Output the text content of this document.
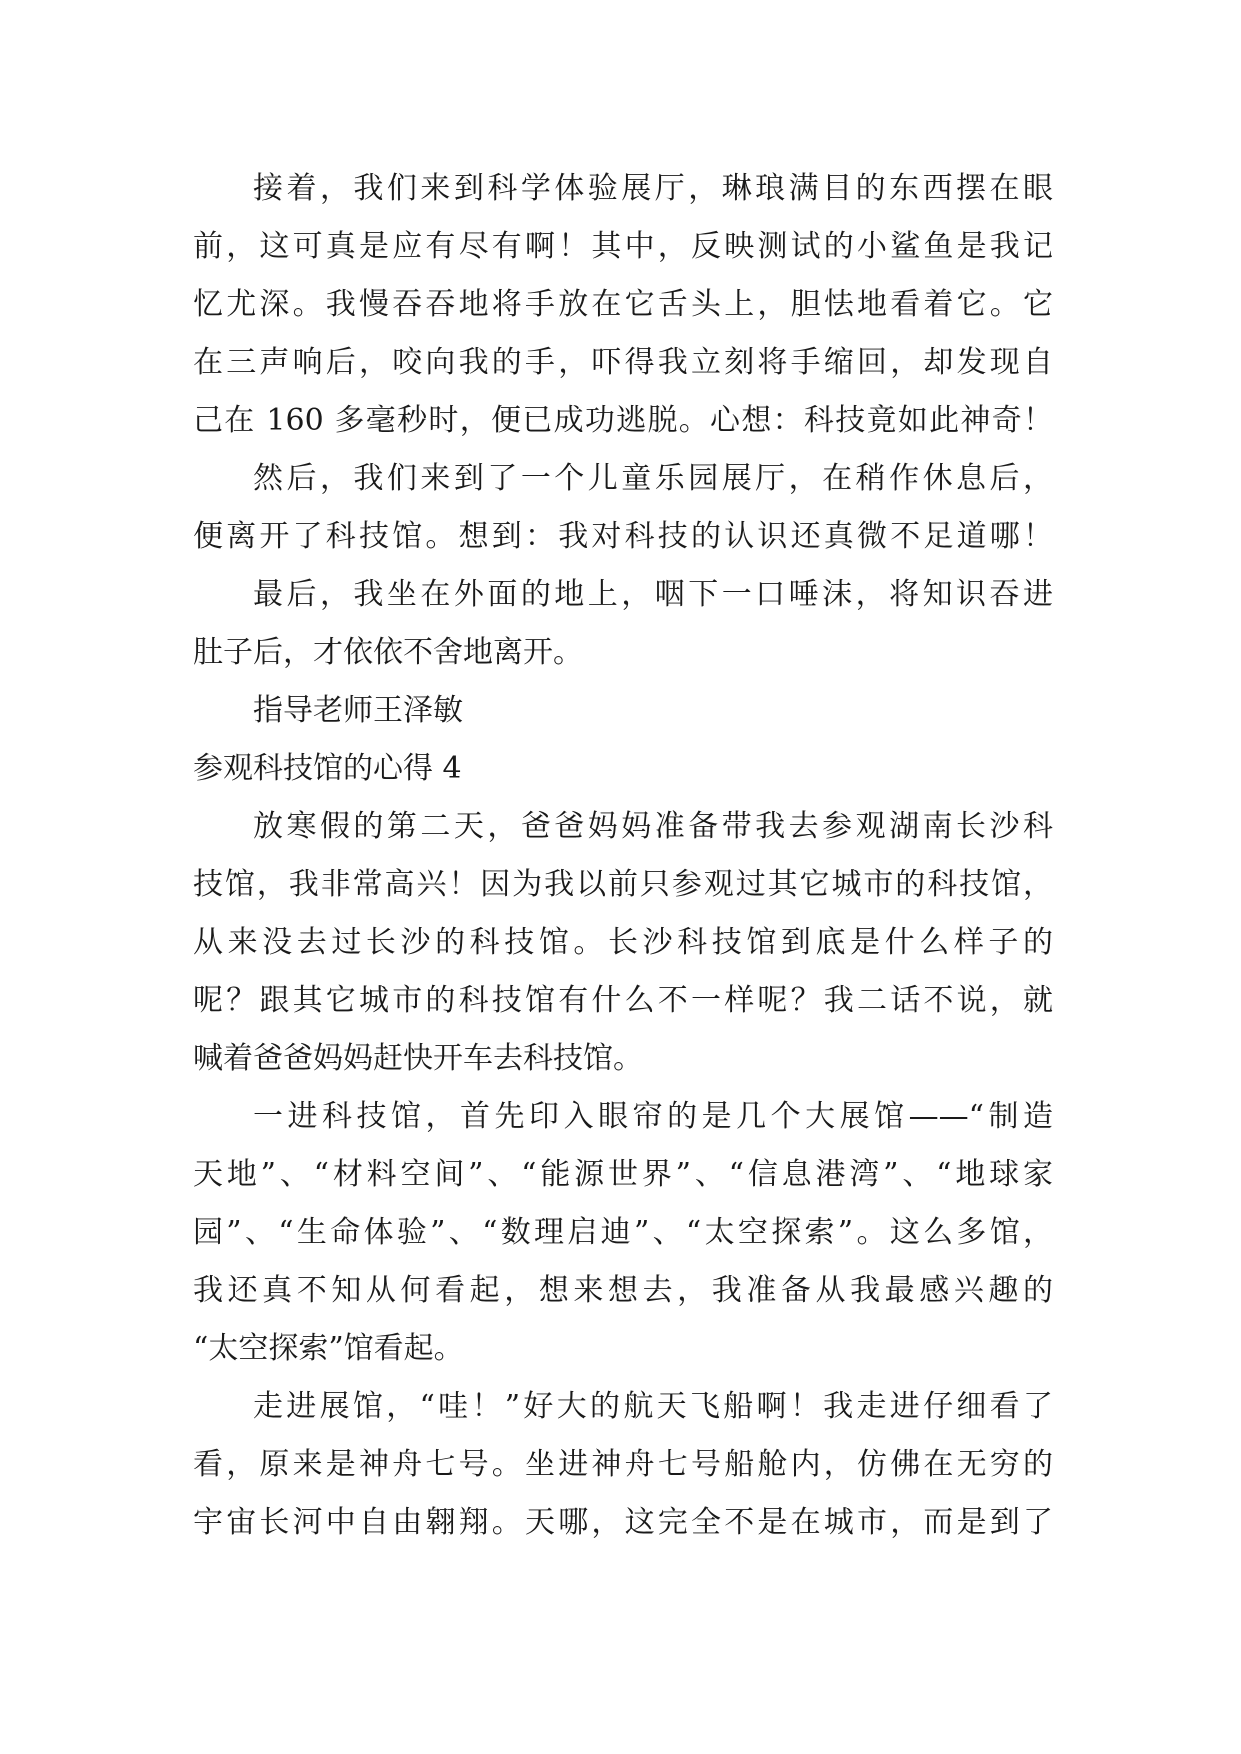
接着，我们来到科学体验展厅，琳琅满目的东西摆在眼
前，这可真是应有尽有啊！其中，反映测试的小鲨鱼是我记
忆尤深。我慢吞吞地将手放在它舌头上，胆怯地看着它。它
在三声响后，咬向我的手，吓得我立刻将手缩回，却发现自
己在 160 多毫秒时，便已成功逃脱。心想：科技竟如此神奇！
然后，我们来到了一个儿童乐园展厅，在稍作休息后，
便离开了科技馆。想到：我对科技的认识还真微不足道哪！
最后，我坐在外面的地上，咽下一口唾沫，将知识吞进
肚子后，才依依不舍地离开。
指导老师王泽敏
参观科技馆的心得 4
放寒假的第二天，爸爸妈妈准备带我去参观湖南长沙科
技馆，我非常高兴！因为我以前只参观过其它城市的科技馆，
从来没去过长沙的科技馆。长沙科技馆到底是什么样子的
呢？跟其它城市的科技馆有什么不一样呢？我二话不说，就
喊着爸爸妈妈赶快开车去科技馆。
一进科技馆，首先印入眼帘的是几个大展馆——“制造
天地”、“材料空间”、“能源世界”、“信息港湾”、“地球家
园”、“生命体验”、“数理启迪”、“太空探索”。这么多馆，
我还真不知从何看起，想来想去，我准备从我最感兴趣的
“太空探索”馆看起。
走进展馆，“哇！”好大的航天飞船啊！我走进仔细看了
看，原来是神舟七号。坐进神舟七号船舱内，仿佛在无穷的
宇宙长河中自由翱翔。天哪，这完全不是在城市，而是到了
